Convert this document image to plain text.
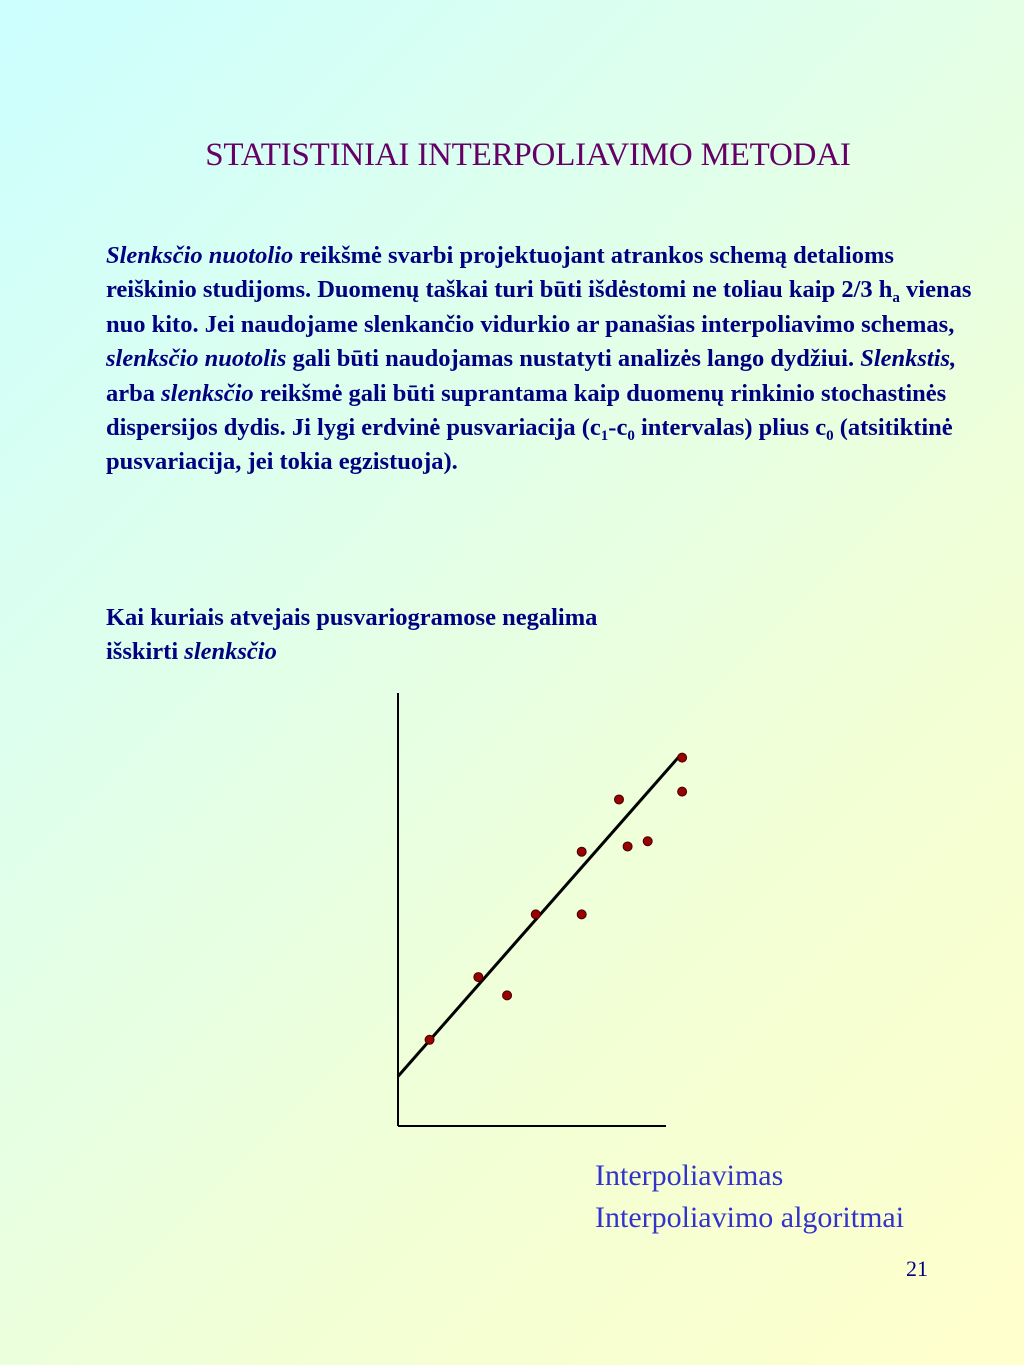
STATISTINIAI INTERPOLIAVIMO METODAI
Slenksčio nuotolio reikšmė svarbi projektuojant atrankos schemą detalioms reiškinio studijoms. Duomenų taškai turi būti išdėstomi ne toliau kaip 2/3 $h_a$ vienas nuo kito. Jei naudojame slenkančio vidurkio ar panašias interpoliavimo schemas, slenksčio nuotolis gali būti naudojamas nustatyti analizės lango dydžiui. Slenkstis, arba slenksčio reikšmė gali būti suprantama kaip duomenų rinkinio stochastinės dispersijos dydis. Ji lygi erdvinė pusvariacija ($c_1-c_0$ intervalas) plius $c_0$ (atsitiktinė pusvariacija, jei tokia egzistuoja).
Kai kuriais atvejais pusvariogramose negalima
išskirti slenksčio
Interpoliavimas
Interpoliavimo algoritmai
21
